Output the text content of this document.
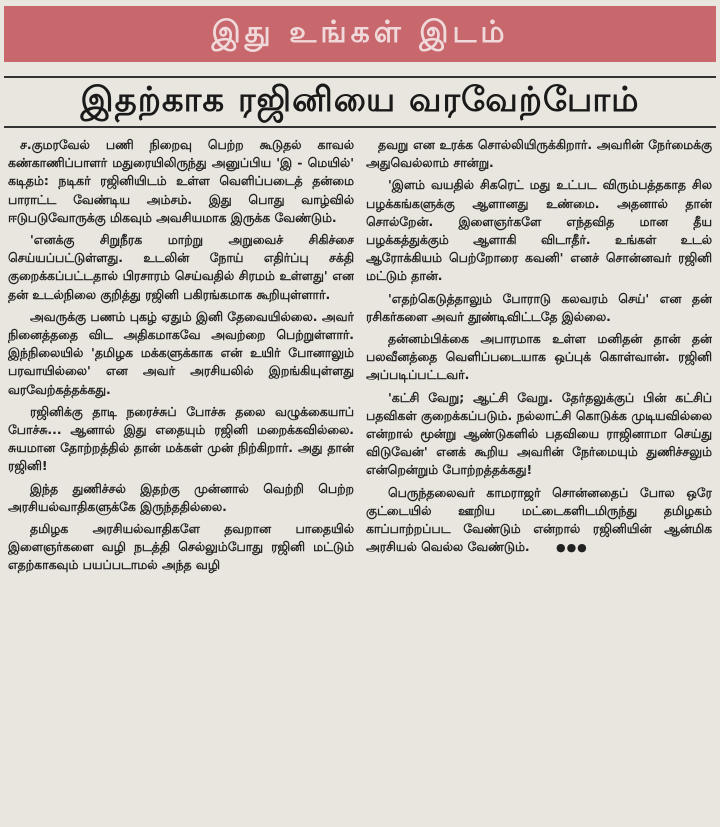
இது உங்கள் இடம்
இதற்காக ரஜினியை வரவேற்போம்

ச.குமரவேல் பணி நிறைவு பெற்ற கூடுதல் காவல் கண்காணிப்பாளர் மதுரையிலிருந்து அனுப்பிய 'இ - மெயில்' கடிதம்: நடிகர் ரஜினியிடம் உள்ள வெளிப்படைத் தன்மை பாராட்ட வேண்டிய அம்சம். இது பொது வாழ்வில் ஈடுபடுவோருக்கு மிகவும் அவசியமாக இருக்க வேண்டும்.

'எனக்கு சிறுநீரக மாற்று அறுவைச் சிகிச்சை செய்யப்பட்டுள்ளது. உடலின் நோய் எதிர்ப்பு சக்தி குறைக்கப்பட்டதால் பிரசாரம் செய்வதில் சிரமம் உள்ளது' என தன் உடல்நிலை குறித்து ரஜினி பகிரங்கமாக கூறியுள்ளார்.

அவருக்கு பணம் புகழ் ஏதும் இனி தேவையில்லை. அவர் நினைத்ததை விட அதிகமாகவே அவற்றை பெற்றுள்ளார். இந்நிலையில் 'தமிழக மக்களுக்காக என் உயிர் போனாலும் பரவாயில்லை' என அவர் அரசியலில் இறங்கியுள்ளது வரவேற்கத்தக்கது.

ரஜினிக்கு தாடி நரைச்சுப் போச்சு தலை வழுக்கையாப் போச்சு... ஆனால் இது எதையும் ரஜினி மறைக்கவில்லை. சுயமான தோற்றத்தில் தான் மக்கள் முன் நிற்கிறார். அது தான் ரஜினி!

இந்த துணிச்சல் இதற்கு முன்னால் வெற்றி பெற்ற அரசியல்வாதிகளுக்கே இருந்ததில்லை.

தமிழக அரசியல்வாதிகளே தவறான பாதையில் இளைஞர்களை வழி நடத்தி செல்லும்போது ரஜினி மட்டும் எதற்காகவும் பயப்படாமல் அந்த வழி

தவறு என உரக்க சொல்லியிருக்கிறார். அவரின் நேர்மைக்கு அதுவெல்லாம் சான்று.

'இளம் வயதில் சிகரெட் மது உட்பட விரும்பத்தகாத சில பழக்கங்களுக்கு ஆளானது உண்மை. அதனால் தான் சொல்றேன். இளைஞர்களே எந்தவித மான தீய பழக்கத்துக்கும் ஆளாகி விடாதீர். உங்கள் உடல் ஆரோக்கியம் பெற்றோரை கவனி' எனச் சொன்னவர் ரஜினி மட்டும் தான்.

'எதற்கெடுத்தாலும் போராடு கலவரம் செய்' என தன் ரசிகர்களை அவர் தூண்டிவிட்டதே இல்லை.

தன்னம்பிக்கை அபாரமாக உள்ள மனிதன் தான் தன் பலவீனத்தை வெளிப்படையாக ஒப்புக் கொள்வான். ரஜினி அப்படிப்பட்டவர்.

'கட்சி வேறு; ஆட்சி வேறு. தேர்தலுக்குப் பின் கட்சிப் பதவிகள் குறைக்கப்படும். நல்லாட்சி கொடுக்க முடியவில்லை என்றால் மூன்று ஆண்டுகளில் பதவியை ராஜினாமா செய்து விடுவேன்' எனக் கூறிய அவரின் நேர்மையும் துணிச்சலும் என்றென்றும் போற்றத்தக்கது!

பெருந்தலைவர் காமராஜர் சொன்னதைப் போல ஒரே குட்டையில் ஊறிய மட்டைகளிடமிருந்து தமிழகம் காப்பாற்றப்பட வேண்டும் என்றால் ரஜினியின் ஆன்மிக அரசியல் வெல்ல வேண்டும். ●●●
